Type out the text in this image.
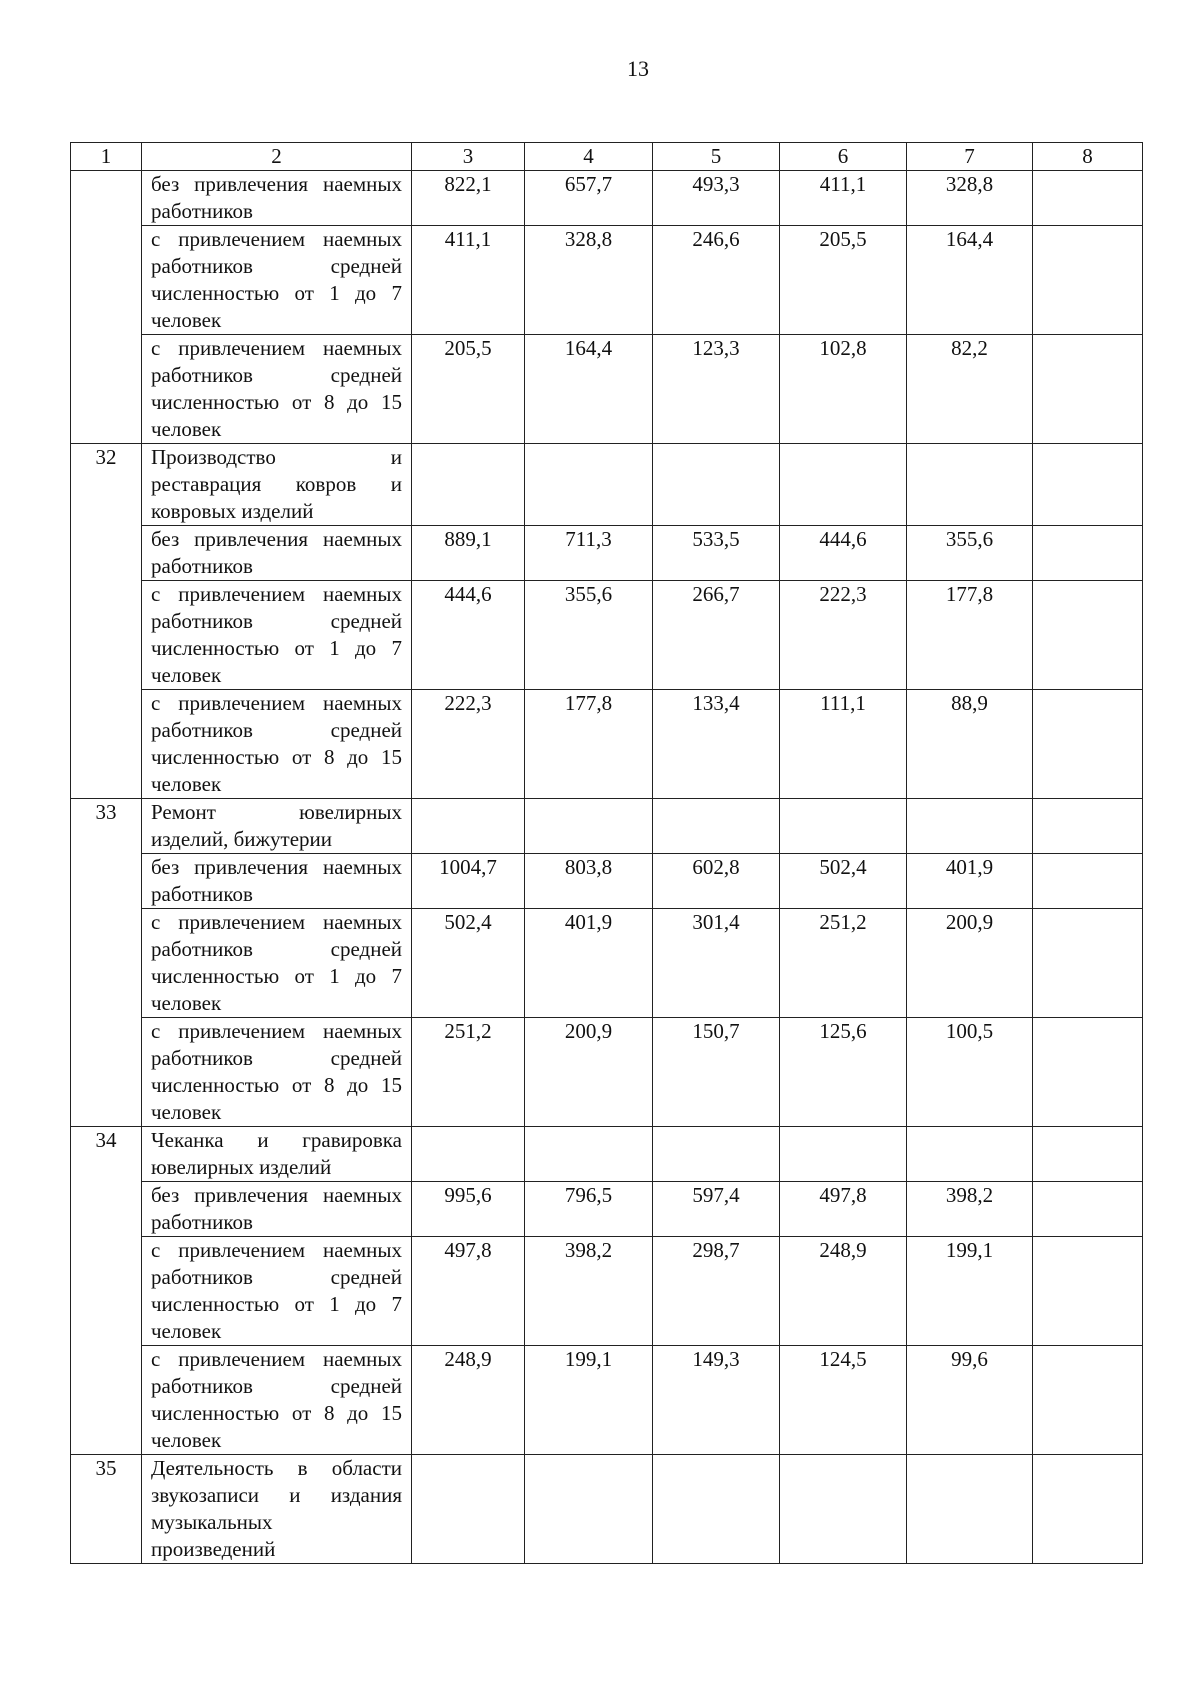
13
1	2	3	4	5	6	7	8
	без привлечения наемных работников	822,1	657,7	493,3	411,1	328,8	
	с привлечением наемных работников средней численностью от 1 до 7 человек	411,1	328,8	246,6	205,5	164,4	
	с привлечением наемных работников средней численностью от 8 до 15 человек	205,5	164,4	123,3	102,8	82,2	
32	Производство и реставрация ковров и ковровых изделий						
	без привлечения наемных работников	889,1	711,3	533,5	444,6	355,6	
	с привлечением наемных работников средней численностью от 1 до 7 человек	444,6	355,6	266,7	222,3	177,8	
	с привлечением наемных работников средней численностью от 8 до 15 человек	222,3	177,8	133,4	111,1	88,9	
33	Ремонт ювелирных изделий, бижутерии						
	без привлечения наемных работников	1004,7	803,8	602,8	502,4	401,9	
	с привлечением наемных работников средней численностью от 1 до 7 человек	502,4	401,9	301,4	251,2	200,9	
	с привлечением наемных работников средней численностью от 8 до 15 человек	251,2	200,9	150,7	125,6	100,5	
34	Чеканка и гравировка ювелирных изделий						
	без привлечения наемных работников	995,6	796,5	597,4	497,8	398,2	
	с привлечением наемных работников средней численностью от 1 до 7 человек	497,8	398,2	298,7	248,9	199,1	
	с привлечением наемных работников средней численностью от 8 до 15 человек	248,9	199,1	149,3	124,5	99,6	
35	Деятельность в области звукозаписи и издания музыкальных произведений						
